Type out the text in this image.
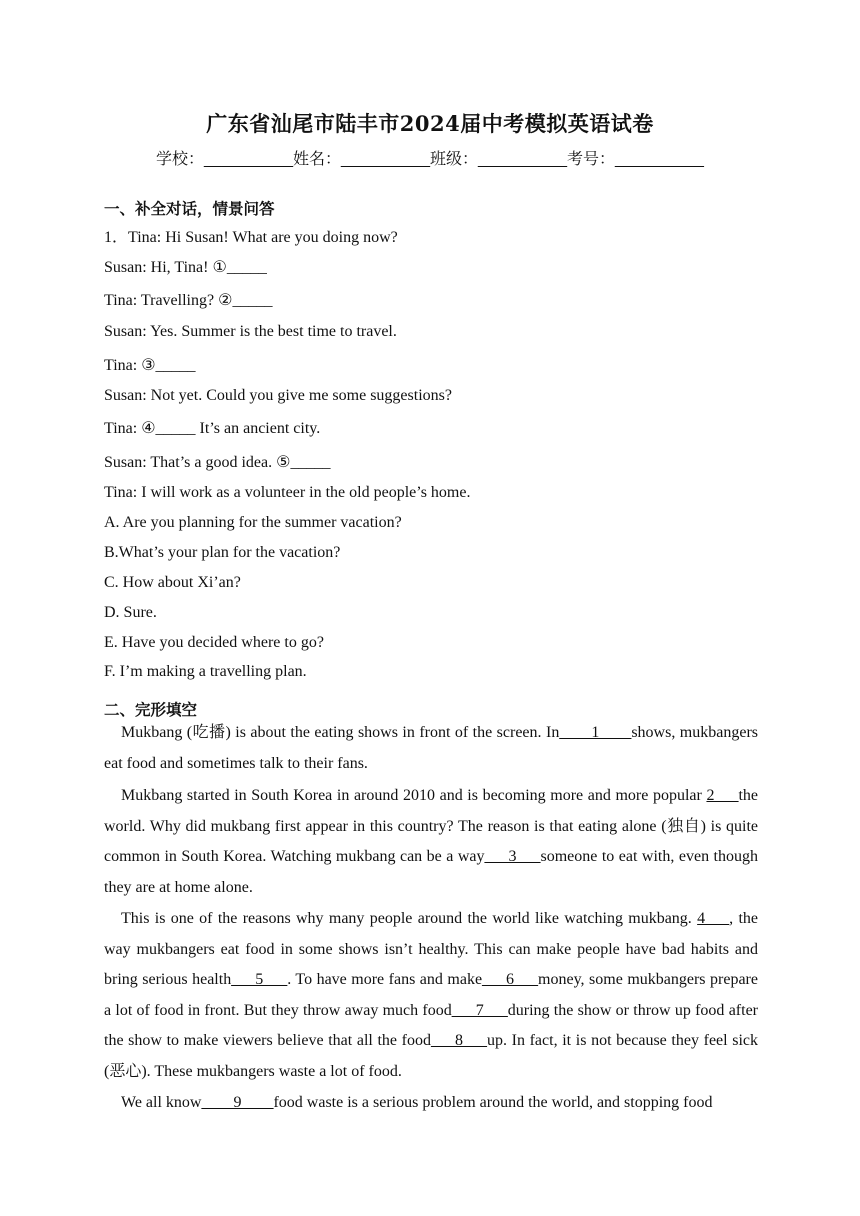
广东省汕尾市陆丰市2024届中考模拟英语试卷
学校：__________姓名：__________班级：__________考号：__________
一、补全对话，情景问答
1．Tina: Hi Susan! What are you doing now?
Susan: Hi, Tina! ①_____
Tina: Travelling? ②_____
Susan: Yes. Summer is the best time to travel.
Tina: ③_____
Susan: Not yet. Could you give me some suggestions?
Tina: ④_____ It’s an ancient city.
Susan: That’s a good idea. ⑤_____
Tina: I will work as a volunteer in the old people’s home.
A. Are you planning for the summer vacation?
B.What’s your plan for the vacation?
C. How about Xi’an?
D. Sure.
E. Have you decided where to go?
F. I’m making a travelling plan.
二、完形填空
Mukbang (吃播) is about the eating shows in front of the screen. In____1____shows, mukbangers eat food and sometimes talk to their fans.
Mukbang started in South Korea in around 2010 and is becoming more and more popular 2___the world. Why did mukbang first appear in this country? The reason is that eating alone (独自) is quite common in South Korea. Watching mukbang can be a way___3___someone to eat with, even though they are at home alone.
This is one of the reasons why many people around the world like watching mukbang. 4___, the way mukbangers eat food in some shows isn’t healthy. This can make people have bad habits and bring serious health___5___. To have more fans and make___6___money, some mukbangers prepare a lot of food in front. But they throw away much food___7___during the show or throw up food after the show to make viewers believe that all the food___8___up. In fact, it is not because they feel sick (恶心). These mukbangers waste a lot of food.
We all know____9____food waste is a serious problem around the world, and stopping food
